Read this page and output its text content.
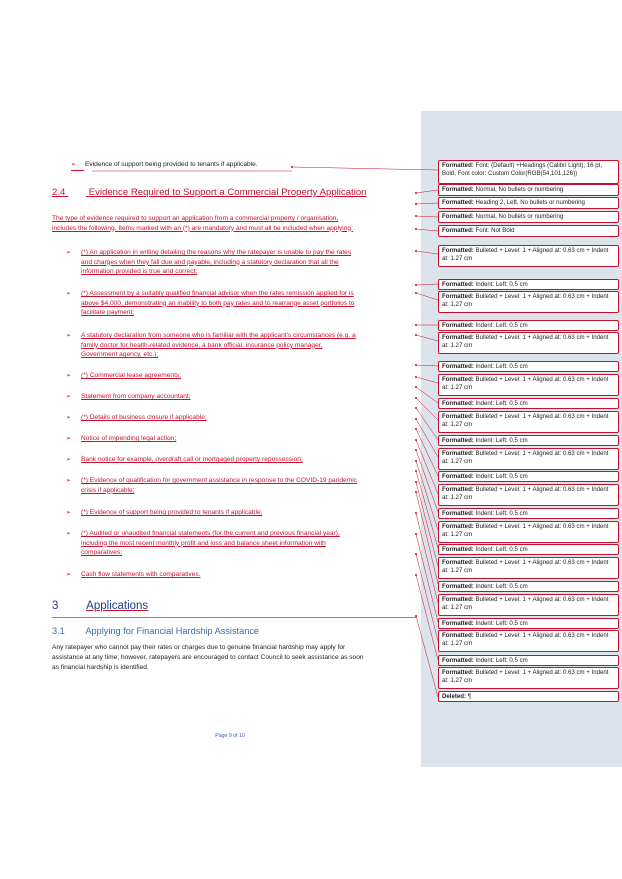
➢	Evidence of support being provided to tenants if applicable.
2.4 Evidence Required to Support a Commercial Property Application
The type of evidence required to support an application from a commercial property / organisation,
includes the following. Items marked with an (*) are mandatory and must all be included when applying:
➢	(*) An application in writing detailing the reasons why the ratepayer is unable to pay the rates
and charges when they fall due and payable, including a statutory declaration that all the
information provided is true and correct;
➢	(*) Assessment by a suitably qualified financial advisor when the rates remission applied for is
above $4,000, demonstrating an inability to both pay rates and to rearrange asset portfolios to
facilitate payment;
➢	A statutory declaration from someone who is familiar with the applicant's circumstances (e.g. a
family doctor for health-related evidence, a bank official, insurance policy manager,
Government agency, etc.);
➢	(*) Commercial lease agreements;
➢	Statement from company accountant;
➢	(*) Details of business closure if applicable;
➢	Notice of impending legal action;
➢	Bank notice for example, overdraft call or mortgaged property repossession;
➢	(*) Evidence of qualification for government assistance in response to the COVID-19 pandemic
crisis if applicable;
➢	(*) Evidence of support being provided to tenants if applicable;
➢	(*) Audited or unaudited financial statements (for the current and previous financial year),
including the most recent monthly profit and loss and balance sheet information with
comparatives;
➢	Cash flow statements with comparatives.
3 Applications
3.1 Applying for Financial Hardship Assistance
Any ratepayer who cannot pay their rates or charges due to genuine financial hardship may apply for
assistance at any time; however, ratepayers are encouraged to contact Council to seek assistance as soon
as financial hardship is identified.
Page 9 of 10
Formatted: Font: (Default) +Headings (Calibri Light), 16 pt, Bold, Font color: Custom Color(RGB(54,101,126))
Formatted: Normal, No bullets or numbering
Formatted: Heading 2, Left, No bullets or numbering
Formatted: Normal, No bullets or numbering
Formatted: Font: Not Bold
Formatted: Bulleted + Level: 1 + Aligned at: 0.63 cm + Indent at: 1.27 cm
Formatted: Indent: Left: 0.5 cm
Formatted: Bulleted + Level: 1 + Aligned at: 0.63 cm + Indent at: 1.27 cm
Formatted: Indent: Left: 0.5 cm
Formatted: Bulleted + Level: 1 + Aligned at: 0.63 cm + Indent at: 1.27 cm
Formatted: Indent: Left: 0.5 cm
Formatted: Bulleted + Level: 1 + Aligned at: 0.63 cm + Indent at: 1.27 cm
Formatted: Indent: Left: 0.5 cm
Formatted: Bulleted + Level: 1 + Aligned at: 0.63 cm + Indent at: 1.27 cm
Formatted: Indent: Left: 0.5 cm
Formatted: Bulleted + Level: 1 + Aligned at: 0.63 cm + Indent at: 1.27 cm
Formatted: Indent: Left: 0.5 cm
Formatted: Bulleted + Level: 1 + Aligned at: 0.63 cm + Indent at: 1.27 cm
Formatted: Indent: Left: 0.5 cm
Formatted: Bulleted + Level: 1 + Aligned at: 0.63 cm + Indent at: 1.27 cm
Formatted: Indent: Left: 0.5 cm
Formatted: Bulleted + Level: 1 + Aligned at: 0.63 cm + Indent at: 1.27 cm
Formatted: Indent: Left: 0.5 cm
Formatted: Bulleted + Level: 1 + Aligned at: 0.63 cm + Indent at: 1.27 cm
Formatted: Indent: Left: 0.5 cm
Formatted: Bulleted + Level: 1 + Aligned at: 0.63 cm + Indent at: 1.27 cm
Formatted: Indent: Left: 0.5 cm
Formatted: Bulleted + Level: 1 + Aligned at: 0.63 cm + Indent at: 1.27 cm
Deleted: ¶
